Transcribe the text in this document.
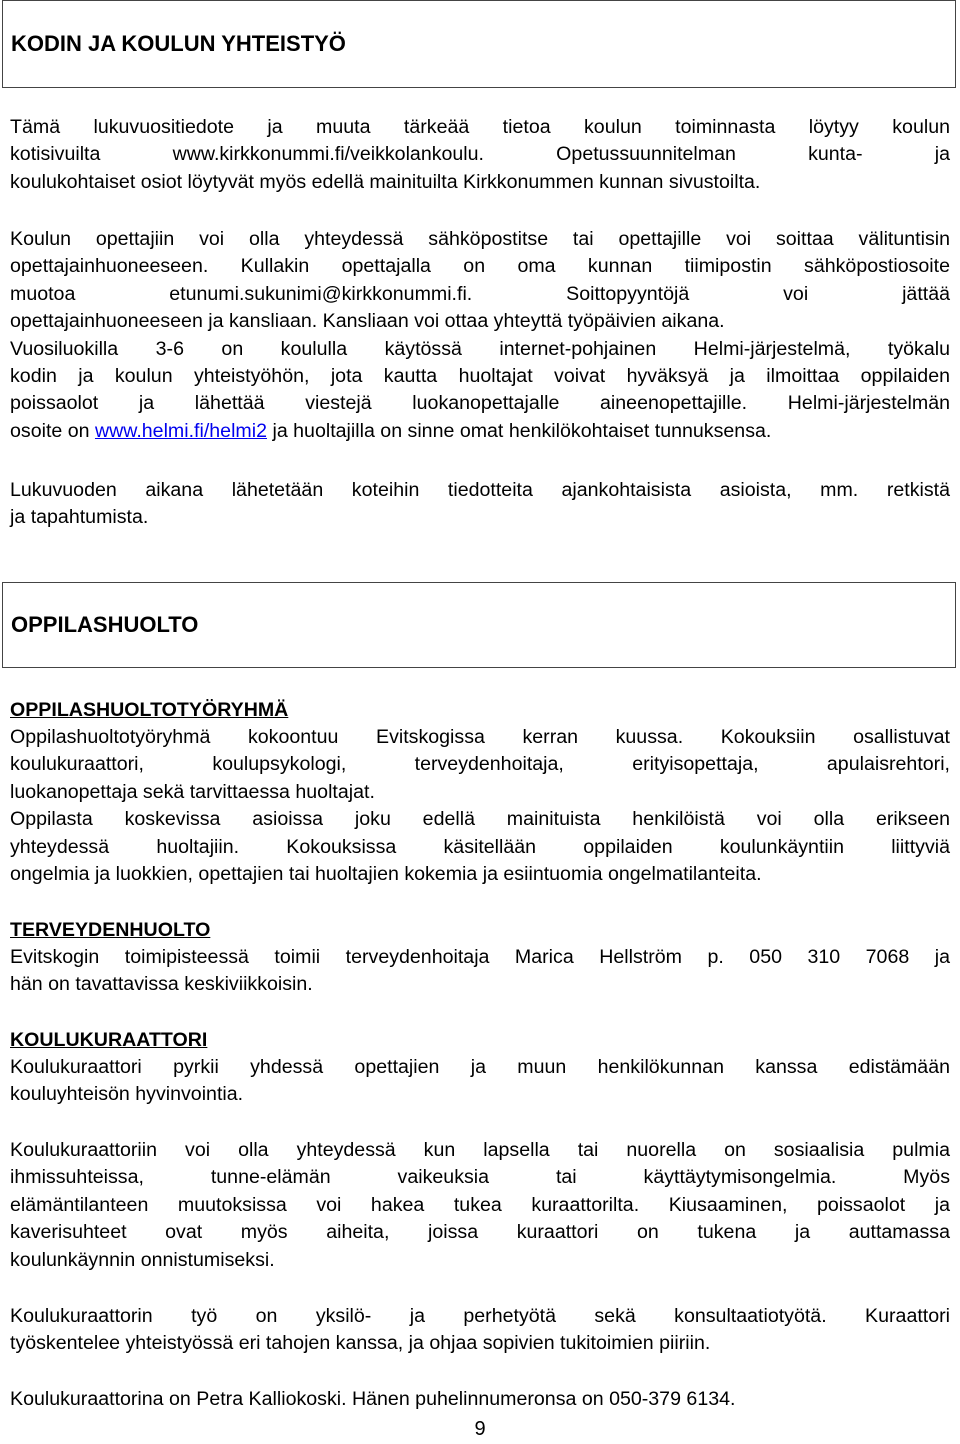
KODIN JA KOULUN YHTEISTYÖ
Tämä lukuvuositiedote ja muuta tärkeää tietoa koulun toiminnasta löytyy koulun
kotisivuilta www.kirkkonummi.fi/veikkolankoulu. Opetussuunnitelman kunta- ja
koulukohtaiset osiot löytyvät myös edellä mainituilta Kirkkonummen kunnan sivustoilta.
Koulun opettajiin voi olla yhteydessä sähköpostitse tai opettajille voi soittaa välituntisin
opettajainhuoneeseen. Kullakin opettajalla on oma kunnan tiimipostin sähköpostiosoite
muotoa etunumi.sukunimi@kirkkonummi.fi. Soittopyyntöjä voi jättää
opettajainhuoneeseen ja kansliaan. Kansliaan voi ottaa yhteyttä työpäivien aikana.
Vuosiluokilla 3-6 on koululla käytössä internet-pohjainen Helmi-järjestelmä, työkalu
kodin ja koulun yhteistyöhön, jota kautta huoltajat voivat hyväksyä ja ilmoittaa oppilaiden
poissaolot ja lähettää viestejä luokanopettajalle aineenopettajille. Helmi-järjestelmän
osoite on www.helmi.fi/helmi2 ja huoltajilla on sinne omat henkilökohtaiset tunnuksensa.
Lukuvuoden aikana lähetetään koteihin tiedotteita ajankohtaisista asioista, mm. retkistä
ja tapahtumista.
OPPILASHUOLTO
OPPILASHUOLTOTYÖRYHMÄ
Oppilashuoltotyöryhmä kokoontuu Evitskogissa kerran kuussa. Kokouksiin osallistuvat
koulukuraattori, koulupsykologi, terveydenhoitaja, erityisopettaja, apulaisrehtori,
luokanopettaja sekä tarvittaessa huoltajat.
Oppilasta koskevissa asioissa joku edellä mainituista henkilöistä voi olla erikseen
yhteydessä huoltajiin. Kokouksissa käsitellään oppilaiden koulunkäyntiin liittyviä
ongelmia ja luokkien, opettajien tai huoltajien kokemia ja esiintuomia ongelmatilanteita.
TERVEYDENHUOLTO
Evitskogin toimipisteessä toimii terveydenhoitaja Marica Hellström p. 050 310 7068 ja
hän on tavattavissa keskiviikkoisin.
KOULUKURAATTORI
Koulukuraattori pyrkii yhdessä opettajien ja muun henkilökunnan kanssa edistämään
kouluyhteisön hyvinvointia.
Koulukuraattoriin voi olla yhteydessä kun lapsella tai nuorella on sosiaalisia pulmia
ihmissuhteissa, tunne-elämän vaikeuksia tai käyttäytymisongelmia. Myös
elämäntilanteen muutoksissa voi hakea tukea kuraattorilta. Kiusaaminen, poissaolot ja
kaverisuhteet ovat myös aiheita, joissa kuraattori on tukena ja auttamassa
koulunkäynnin onnistumiseksi.
Koulukuraattorin työ on yksilö- ja perhetyötä sekä konsultaatiotyötä. Kuraattori
työskentelee yhteistyössä eri tahojen kanssa, ja ohjaa sopivien tukitoimien piiriin.
Koulukuraattorina on Petra Kalliokoski. Hänen puhelinnumeronsa on 050-379 6134.
9
